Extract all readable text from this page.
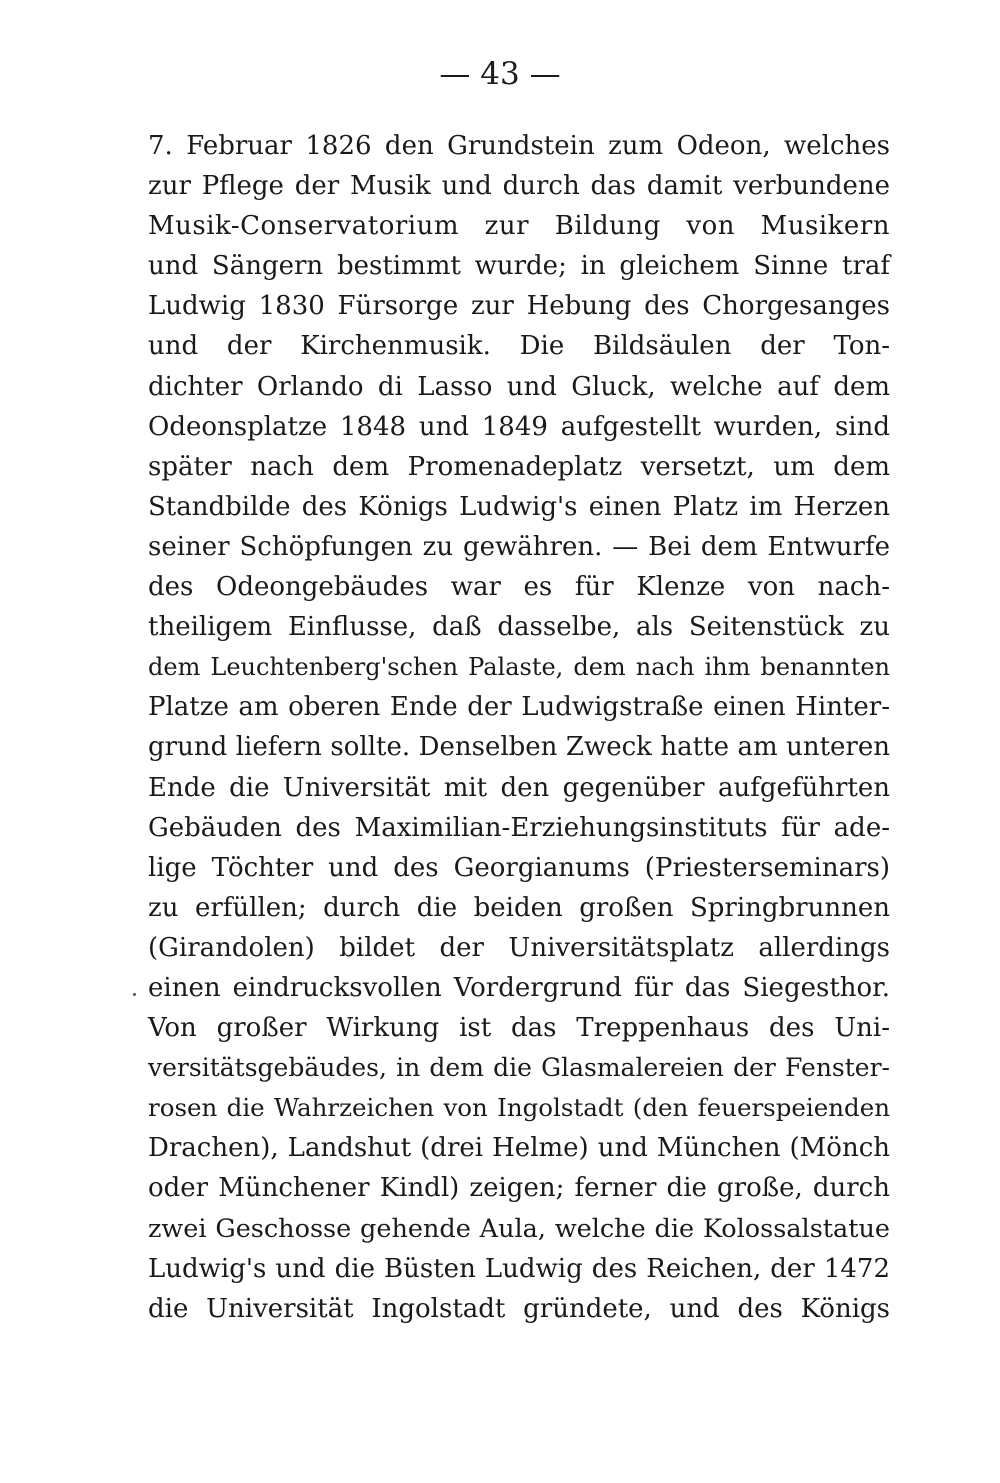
— 43 —
7. Februar 1826 den Grundstein zum Odeon, welches
zur Pflege der Musik und durch das damit verbundene
Musik-Conservatorium zur Bildung von Musikern
und Sängern bestimmt wurde; in gleichem Sinne traf
Ludwig 1830 Fürsorge zur Hebung des Chorgesanges
und der Kirchenmusik. Die Bildsäulen der Ton-
dichter Orlando di Lasso und Gluck, welche auf dem
Odeonsplatze 1848 und 1849 aufgestellt wurden, sind
später nach dem Promenadeplatz versetzt, um dem
Standbilde des Königs Ludwig's einen Platz im Herzen
seiner Schöpfungen zu gewähren. — Bei dem Entwurfe
des Odeongebäudes war es für Klenze von nach-
theiligem Einflusse, daß dasselbe, als Seitenstück zu
dem Leuchtenberg'schen Palaste, dem nach ihm benannten
Platze am oberen Ende der Ludwigstraße einen Hinter-
grund liefern sollte. Denselben Zweck hatte am unteren
Ende die Universität mit den gegenüber aufgeführten
Gebäuden des Maximilian-Erziehungsinstituts für ade-
lige Töchter und des Georgianums (Priesterseminars)
zu erfüllen; durch die beiden großen Springbrunnen
(Girandolen) bildet der Universitätsplatz allerdings
einen eindrucksvollen Vordergrund für das Siegesthor.
Von großer Wirkung ist das Treppenhaus des Uni-
versitätsgebäudes, in dem die Glasmalereien der Fenster-
rosen die Wahrzeichen von Ingolstadt (den feuerspeienden
Drachen), Landshut (drei Helme) und München (Mönch
oder Münchener Kindl) zeigen; ferner die große, durch
zwei Geschosse gehende Aula, welche die Kolossalstatue
Ludwig's und die Büsten Ludwig des Reichen, der 1472
die Universität Ingolstadt gründete, und des Königs
